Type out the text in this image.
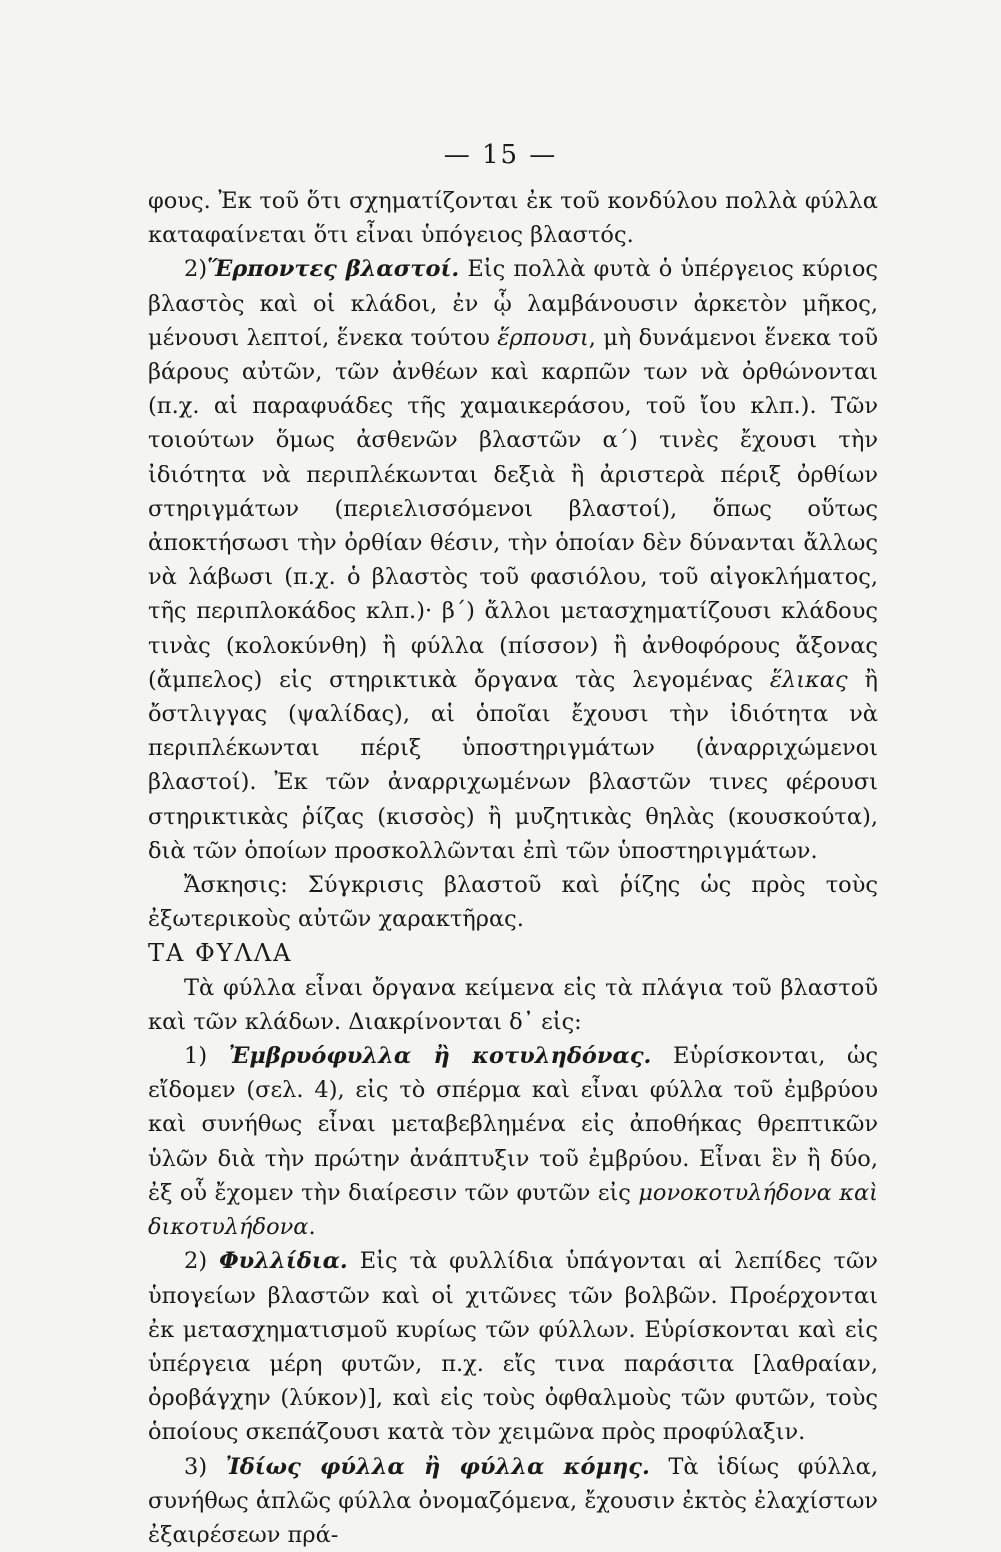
— 15 —

φους. Ἐκ τοῦ ὅτι σχηματίζονται ἐκ τοῦ κονδύλου πολλὰ φύλλα καταφαίνεται ὅτι εἶναι ὑπόγειος βλαστός.

2)Ἕρποντες βλαστοί. Εἰς πολλὰ φυτὰ ὁ ὑπέργειος κύριος βλαστὸς καὶ οἱ κλάδοι, ἐν ᾧ λαμβάνουσιν ἀρκετὸν μῆκος, μένουσι λεπτοί, ἕνεκα τούτου ἕρπουσι, μὴ δυνάμενοι ἕνεκα τοῦ βάρους αὐτῶν, τῶν ἀνθέων καὶ καρπῶν των νὰ ὀρθώνονται (π.χ. αἱ παραφυάδες τῆς χαμαικεράσου, τοῦ ἴου κλπ.). Τῶν τοιούτων ὅμως ἀσθενῶν βλαστῶν α΄) τινὲς ἔχουσι τὴν ἰδιότητα νὰ περιπλέκωνται δεξιὰ ἢ ἀριστερὰ πέριξ ὀρθίων στηριγμάτων (περιελισσόμενοι βλαστοί), ὅπως οὕτως ἀποκτήσωσι τὴν ὀρθίαν θέσιν, τὴν ὁποίαν δὲν δύνανται ἄλλως νὰ λάβωσι (π.χ. ὁ βλαστὸς τοῦ φασιόλου, τοῦ αἰγοκλήματος, τῆς περιπλοκάδος κλπ.)· β΄) ἄλλοι μετασχηματίζουσι κλάδους τινὰς (κολοκύνθη) ἢ φύλλα (πίσσον) ἢ ἀνθοφόρους ἄξονας (ἄμπελος) εἰς στηρικτικὰ ὄργανα τὰς λεγομένας ἕλικας ἢ ὄστλιγγας (ψαλίδας), αἱ ὁποῖαι ἔχουσι τὴν ἰδιότητα νὰ περιπλέκωνται πέριξ ὑποστηριγμάτων (ἀναρριχώμενοι βλαστοί). Ἐκ τῶν ἀναρριχωμένων βλαστῶν τινες φέρουσι στηρικτικὰς ῥίζας (κισσὸς) ἢ μυζητικὰς θηλὰς (κουσκούτα), διὰ τῶν ὁποίων προσκολλῶνται ἐπὶ τῶν ὑποστηριγμάτων.

Ἄσκησις: Σύγκρισις βλαστοῦ καὶ ῥίζης ὡς πρὸς τοὺς ἐξωτερικοὺς αὐτῶν χαρακτῆρας.

ΤΑ ΦΥΛΛΑ

Τὰ φύλλα εἶναι ὄργανα κείμενα εἰς τὰ πλάγια τοῦ βλαστοῦ καὶ τῶν κλάδων. Διακρίνονται δ᾽ εἰς:

1) Ἐμβρυόφυλλα ἢ κοτυληδόνας. Εὑρίσκονται, ὡς εἴδομεν (σελ. 4), εἰς τὸ σπέρμα καὶ εἶναι φύλλα τοῦ ἐμβρύου καὶ συνήθως εἶναι μεταβεβλημένα εἰς ἀποθήκας θρεπτικῶν ὑλῶν διὰ τὴν πρώτην ἀνάπτυξιν τοῦ ἐμβρύου. Εἶναι ἓν ἢ δύο, ἐξ οὗ ἔχομεν τὴν διαίρεσιν τῶν φυτῶν εἰς μονοκοτυλήδονα καὶ δικοτυλήδονα.

2) Φυλλίδια. Εἰς τὰ φυλλίδια ὑπάγονται αἱ λεπίδες τῶν ὑπογείων βλαστῶν καὶ οἱ χιτῶνες τῶν βολβῶν. Προέρχονται ἐκ μετασχηματισμοῦ κυρίως τῶν φύλλων. Εὑρίσκονται καὶ εἰς ὑπέργεια μέρη φυτῶν, π.χ. εἴς τινα παράσιτα [λαθραίαν, ὀροβάγχην (λύκον)], καὶ εἰς τοὺς ὀφθαλμοὺς τῶν φυτῶν, τοὺς ὁποίους σκεπάζουσι κατὰ τὸν χειμῶνα πρὸς προφύλαξιν.

3) Ἰδίως φύλλα ἢ φύλλα κόμης. Τὰ ἰδίως φύλλα, συνήθως ἁπλῶς φύλλα ὀνομαζόμενα, ἔχουσιν ἐκτὸς ἐλαχίστων ἐξαιρέσεων πρά-
